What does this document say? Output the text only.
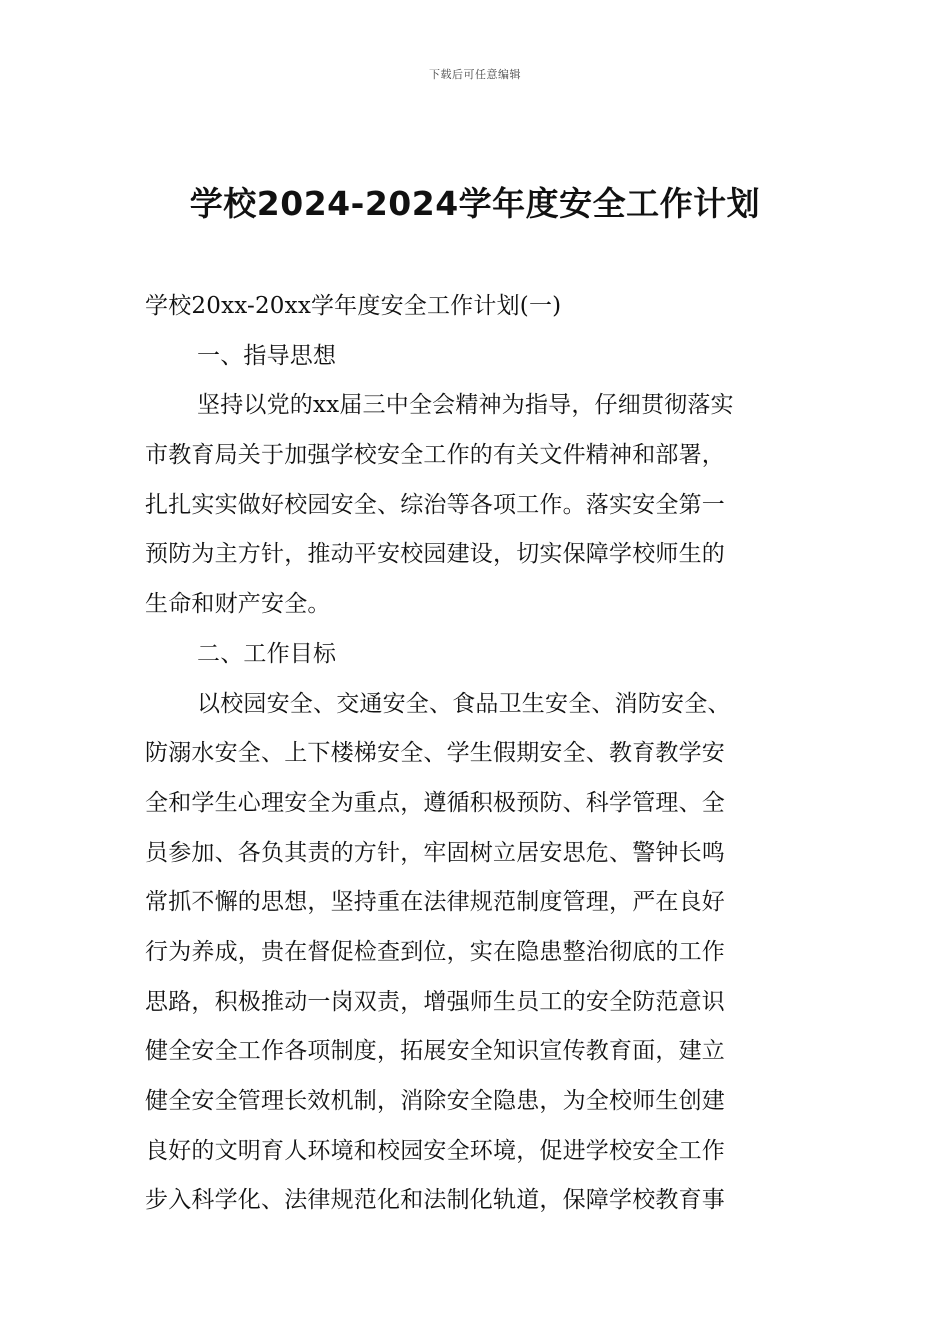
下载后可任意编辑
学校2024-2024学年度安全工作计划
学校20xx-20xx学年度安全工作计划(一)
一、指导思想
坚持以党的xx届三中全会精神为指导，仔细贯彻落实
市教育局关于加强学校安全工作的有关文件精神和部署，
扎扎实实做好校园安全、综治等各项工作。落实安全第一
预防为主方针，推动平安校园建设，切实保障学校师生的
生命和财产安全。
二、工作目标
以校园安全、交通安全、食品卫生安全、消防安全、
防溺水安全、上下楼梯安全、学生假期安全、教育教学安
全和学生心理安全为重点，遵循积极预防、科学管理、全
员参加、各负其责的方针，牢固树立居安思危、警钟长鸣
常抓不懈的思想，坚持重在法律规范制度管理，严在良好
行为养成，贵在督促检查到位，实在隐患整治彻底的工作
思路，积极推动一岗双责，增强师生员工的安全防范意识
健全安全工作各项制度，拓展安全知识宣传教育面，建立
健全安全管理长效机制，消除安全隐患，为全校师生创建
良好的文明育人环境和校园安全环境，促进学校安全工作
步入科学化、法律规范化和法制化轨道，保障学校教育事
